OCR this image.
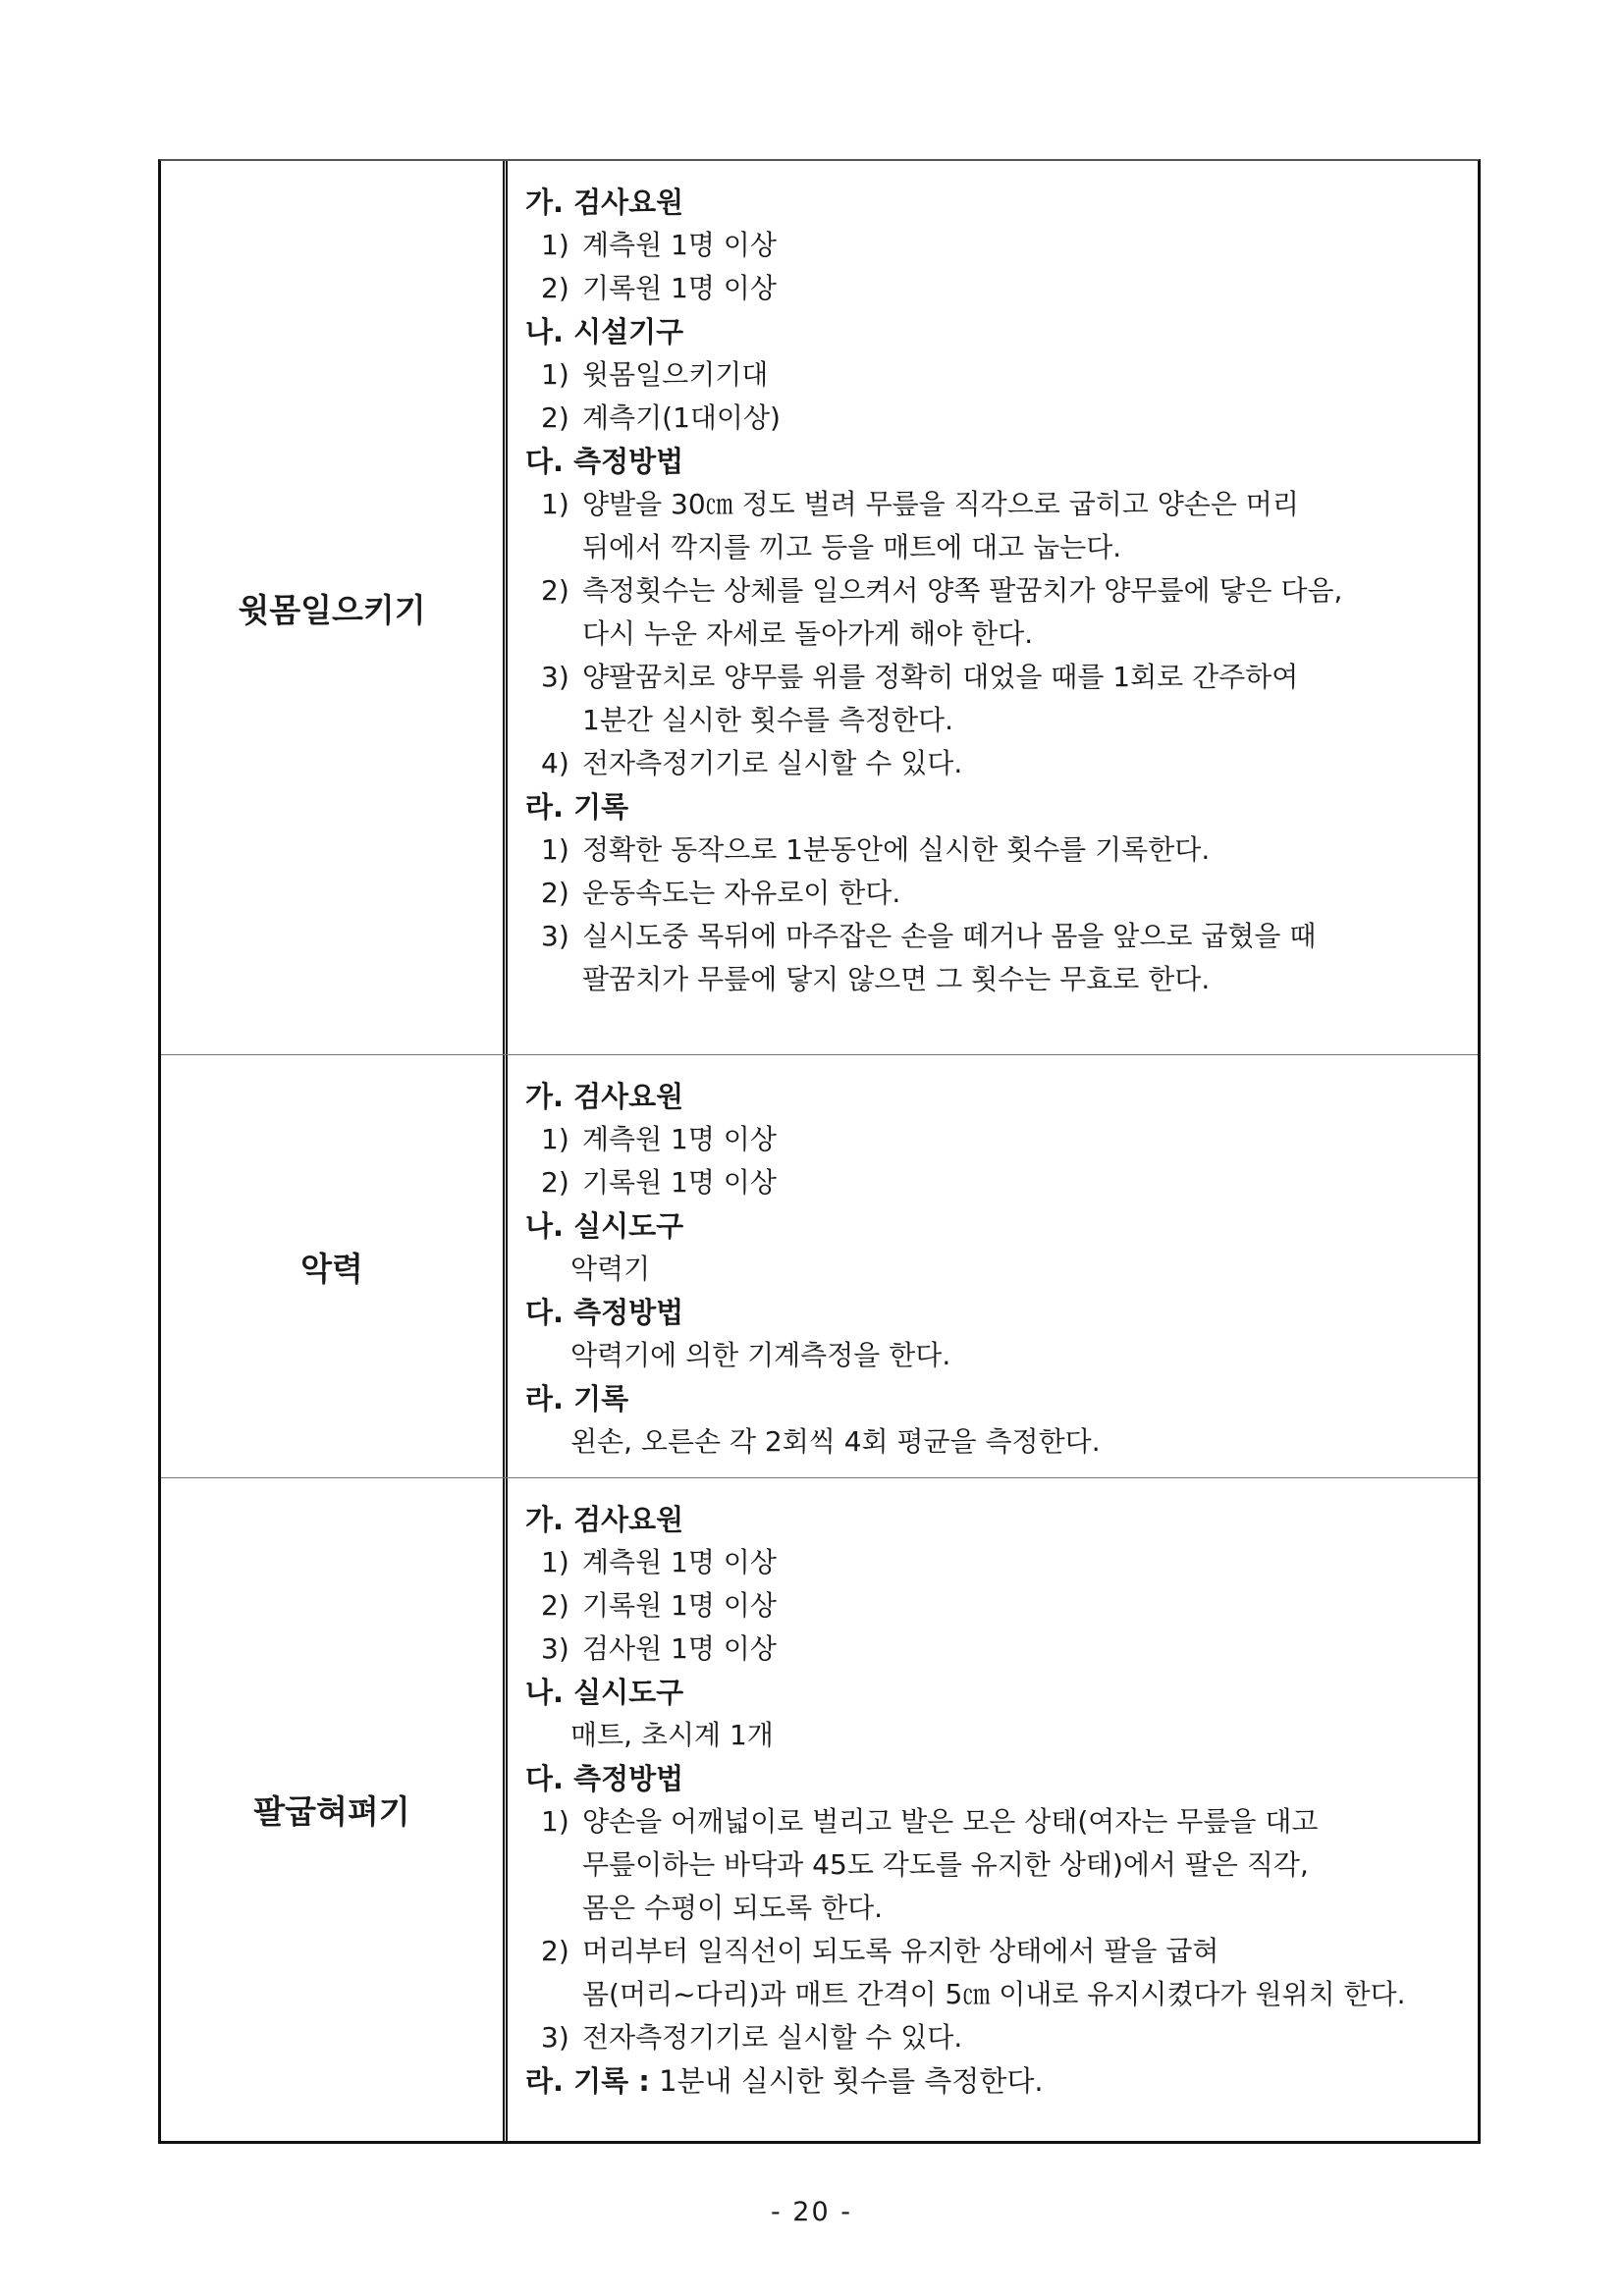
윗몸일으키기
가. 검사요원
1) 계측원 1명 이상
2) 기록원 1명 이상
나. 시설기구
1) 윗몸일으키기대
2) 계측기(1대이상)
다. 측정방법
1) 양발을 30㎝ 정도 벌려 무릎을 직각으로 굽히고 양손은 머리
뒤에서 깍지를 끼고 등을 매트에 대고 눕는다.
2) 측정횟수는 상체를 일으켜서 양쪽 팔꿈치가 양무릎에 닿은 다음,
다시 누운 자세로 돌아가게 해야 한다.
3) 양팔꿈치로 양무릎 위를 정확히 대었을 때를 1회로 간주하여
1분간 실시한 횟수를 측정한다.
4) 전자측정기기로 실시할 수 있다.
라. 기록
1) 정확한 동작으로 1분동안에 실시한 횟수를 기록한다.
2) 운동속도는 자유로이 한다.
3) 실시도중 목뒤에 마주잡은 손을 떼거나 몸을 앞으로 굽혔을 때
팔꿈치가 무릎에 닿지 않으면 그 횟수는 무효로 한다.
악력
가. 검사요원
1) 계측원 1명 이상
2) 기록원 1명 이상
나. 실시도구
악력기
다. 측정방법
악력기에 의한 기계측정을 한다.
라. 기록
왼손, 오른손 각 2회씩 4회 평균을 측정한다.
팔굽혀펴기
가. 검사요원
1) 계측원 1명 이상
2) 기록원 1명 이상
3) 검사원 1명 이상
나. 실시도구
매트, 초시계 1개
다. 측정방법
1) 양손을 어깨넓이로 벌리고 발은 모은 상태(여자는 무릎을 대고
무릎이하는 바닥과 45도 각도를 유지한 상태)에서 팔은 직각,
몸은 수평이 되도록 한다.
2) 머리부터 일직선이 되도록 유지한 상태에서 팔을 굽혀
몸(머리~다리)과 매트 간격이 5㎝ 이내로 유지시켰다가 원위치 한다.
3) 전자측정기기로 실시할 수 있다.
라. 기록 : 1분내 실시한 횟수를 측정한다.
- 20 -
